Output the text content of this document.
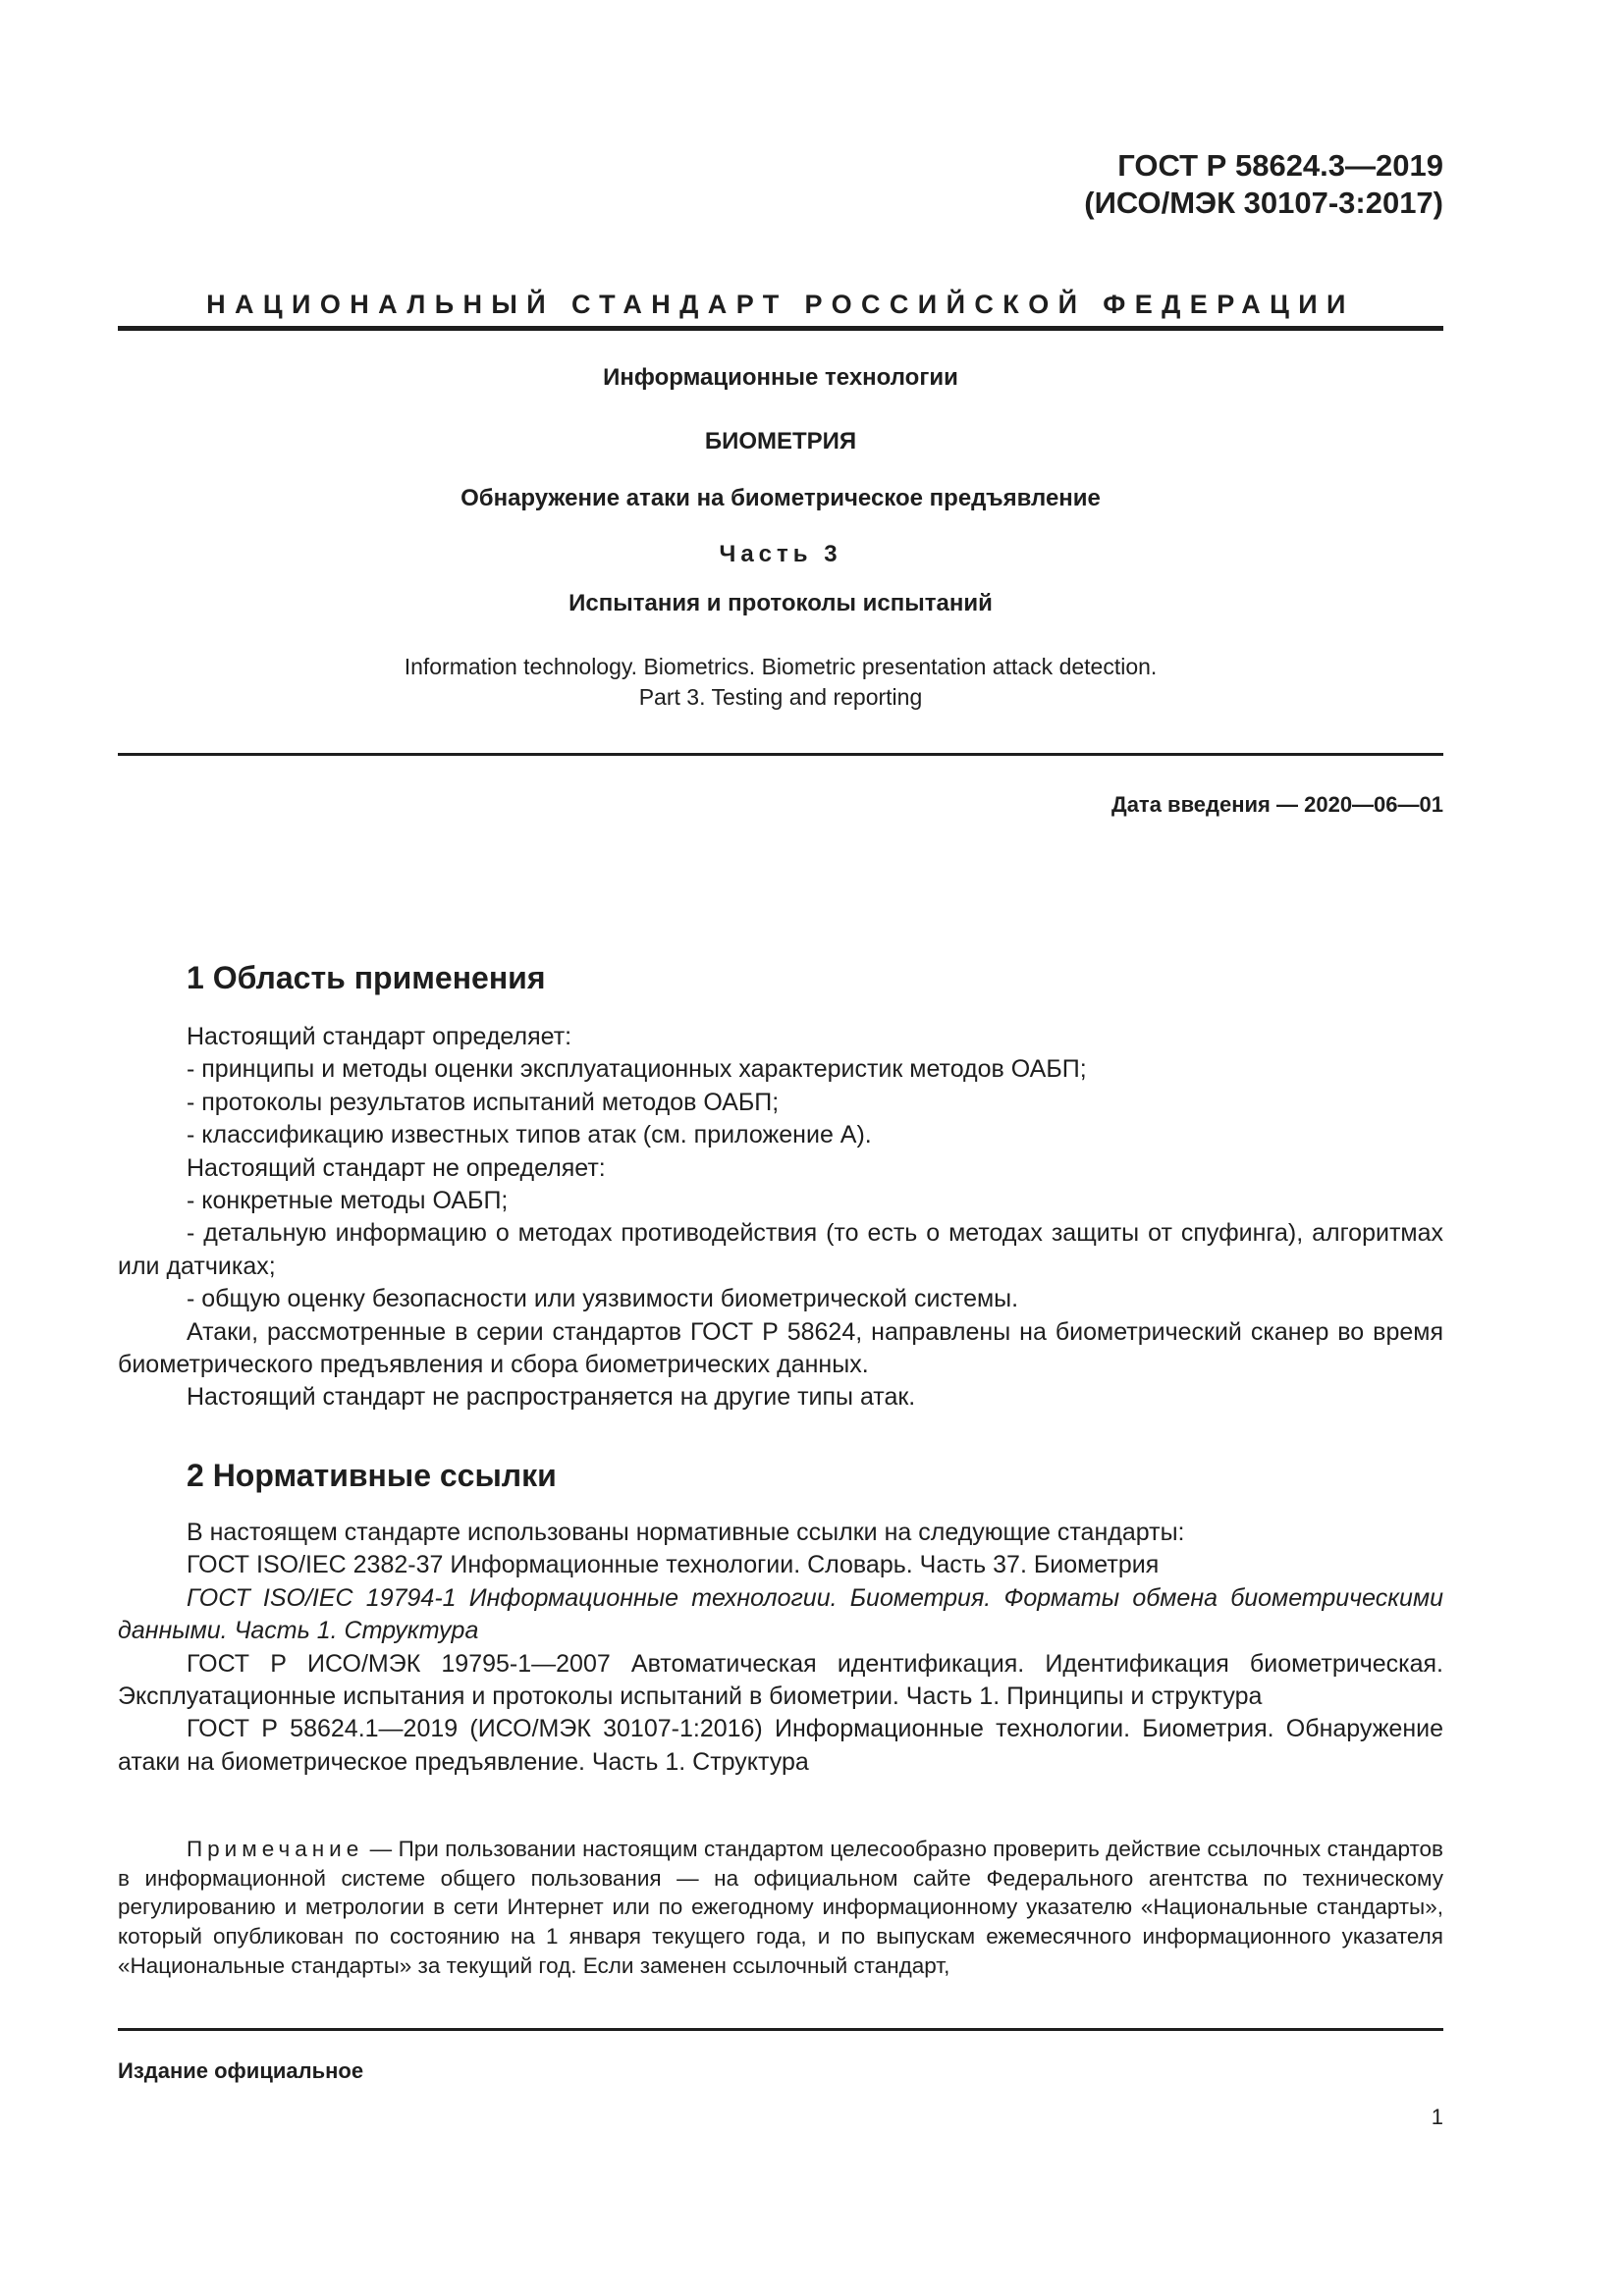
ГОСТ Р 58624.3—2019
(ИСО/МЭК 30107-3:2017)
НАЦИОНАЛЬНЫЙ СТАНДАРТ РОССИЙСКОЙ ФЕДЕРАЦИИ
Информационные технологии
БИОМЕТРИЯ
Обнаружение атаки на биометрическое предъявление
Часть 3
Испытания и протоколы испытаний
Information technology. Biometrics. Biometric presentation attack detection.
Part 3. Testing and reporting
Дата введения — 2020—06—01
1 Область применения

Настоящий стандарт определяет:

- принципы и методы оценки эксплуатационных характеристик методов ОАБП;

- протоколы результатов испытаний методов ОАБП;

- классификацию известных типов атак (см. приложение А).

Настоящий стандарт не определяет:

- конкретные методы ОАБП;

- детальную информацию о методах противодействия (то есть о методах защиты от спуфинга), алгоритмах или датчиках;

- общую оценку безопасности или уязвимости биометрической системы.

Атаки, рассмотренные в серии стандартов ГОСТ Р 58624, направлены на биометрический сканер во время биометрического предъявления и сбора биометрических данных.

Настоящий стандарт не распространяется на другие типы атак.

2 Нормативные ссылки

В настоящем стандарте использованы нормативные ссылки на следующие стандарты:

ГОСТ ISO/IEC 2382-37 Информационные технологии. Словарь. Часть 37. Биометрия

ГОСТ ISO/IEC 19794-1 Информационные технологии. Биометрия. Форматы обмена биометрическими данными. Часть 1. Структура

ГОСТ Р ИСО/МЭК 19795-1—2007 Автоматическая идентификация. Идентификация биометрическая. Эксплуатационные испытания и протоколы испытаний в биометрии. Часть 1. Принципы и структура

ГОСТ Р 58624.1—2019 (ИСО/МЭК 30107-1:2016) Информационные технологии. Биометрия. Обнаружение атаки на биометрическое предъявление. Часть 1. Структура

Примечание — При пользовании настоящим стандартом целесообразно проверить действие ссылочных стандартов в информационной системе общего пользования — на официальном сайте Федерального агентства по техническому регулированию и метрологии в сети Интернет или по ежегодному информационному указателю «Национальные стандарты», который опубликован по состоянию на 1 января текущего года, и по выпускам ежемесячного информационного указателя «Национальные стандарты» за текущий год. Если заменен ссылочный стандарт,

Издание официальное
1
